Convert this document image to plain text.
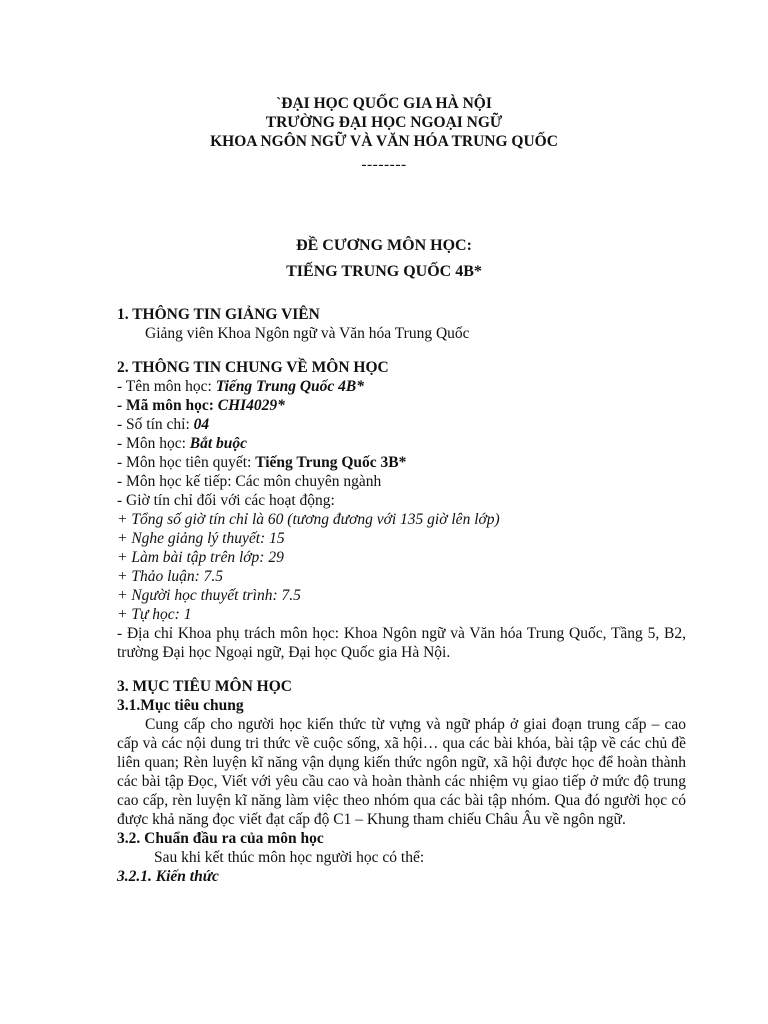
`ĐẠI HỌC QUỐC GIA HÀ NỘI
TRƯỜNG ĐẠI HỌC NGOẠI NGỮ
KHOA NGÔN NGỮ VÀ VĂN HÓA TRUNG QUỐC
--------
ĐỀ CƯƠNG MÔN HỌC:
TIẾNG TRUNG QUỐC 4B*
1. THÔNG TIN GIẢNG VIÊN
Giảng viên Khoa Ngôn ngữ và Văn hóa Trung Quốc
2. THÔNG TIN CHUNG VỀ MÔN HỌC
- Tên môn học: Tiếng Trung Quốc 4B*
- Mã môn học: CHI4029*
- Số tín chỉ: 04
- Môn học: Bắt buộc
- Môn học tiên quyết: Tiếng Trung Quốc 3B*
- Môn học kế tiếp: Các môn chuyên ngành
- Giờ tín chỉ đối với các hoạt động:
+ Tổng số giờ tín chỉ là 60 (tương đương với 135 giờ lên lớp)
+ Nghe giảng lý thuyết: 15
+ Làm bài tập trên lớp: 29
+ Thảo luận: 7.5
+ Người học thuyết trình: 7.5
+ Tự học: 1
- Địa chỉ Khoa phụ trách môn học: Khoa Ngôn ngữ và Văn hóa Trung Quốc, Tầng 5, B2, trường Đại học Ngoại ngữ, Đại học Quốc gia Hà Nội.
3. MỤC TIÊU MÔN HỌC
3.1.Mục tiêu chung
Cung cấp cho người học kiến thức từ vựng và ngữ pháp ở giai đoạn trung cấp – cao cấp và các nội dung tri thức về cuộc sống, xã hội… qua các bài khóa, bài tập về các chủ đề liên quan; Rèn luyện kĩ năng vận dụng kiến thức ngôn ngữ, xã hội được học để hoàn thành các bài tập Đọc, Viết với yêu cầu cao và hoàn thành các nhiệm vụ giao tiếp ở mức độ trung cao cấp, rèn luyện kĩ năng làm việc theo nhóm qua các bài tập nhóm. Qua đó người học có được khả năng đọc viết đạt cấp độ C1 – Khung tham chiếu Châu Âu về ngôn ngữ.
3.2. Chuẩn đầu ra của môn học
Sau khi kết thúc môn học người học có thể:
3.2.1. Kiến thức
